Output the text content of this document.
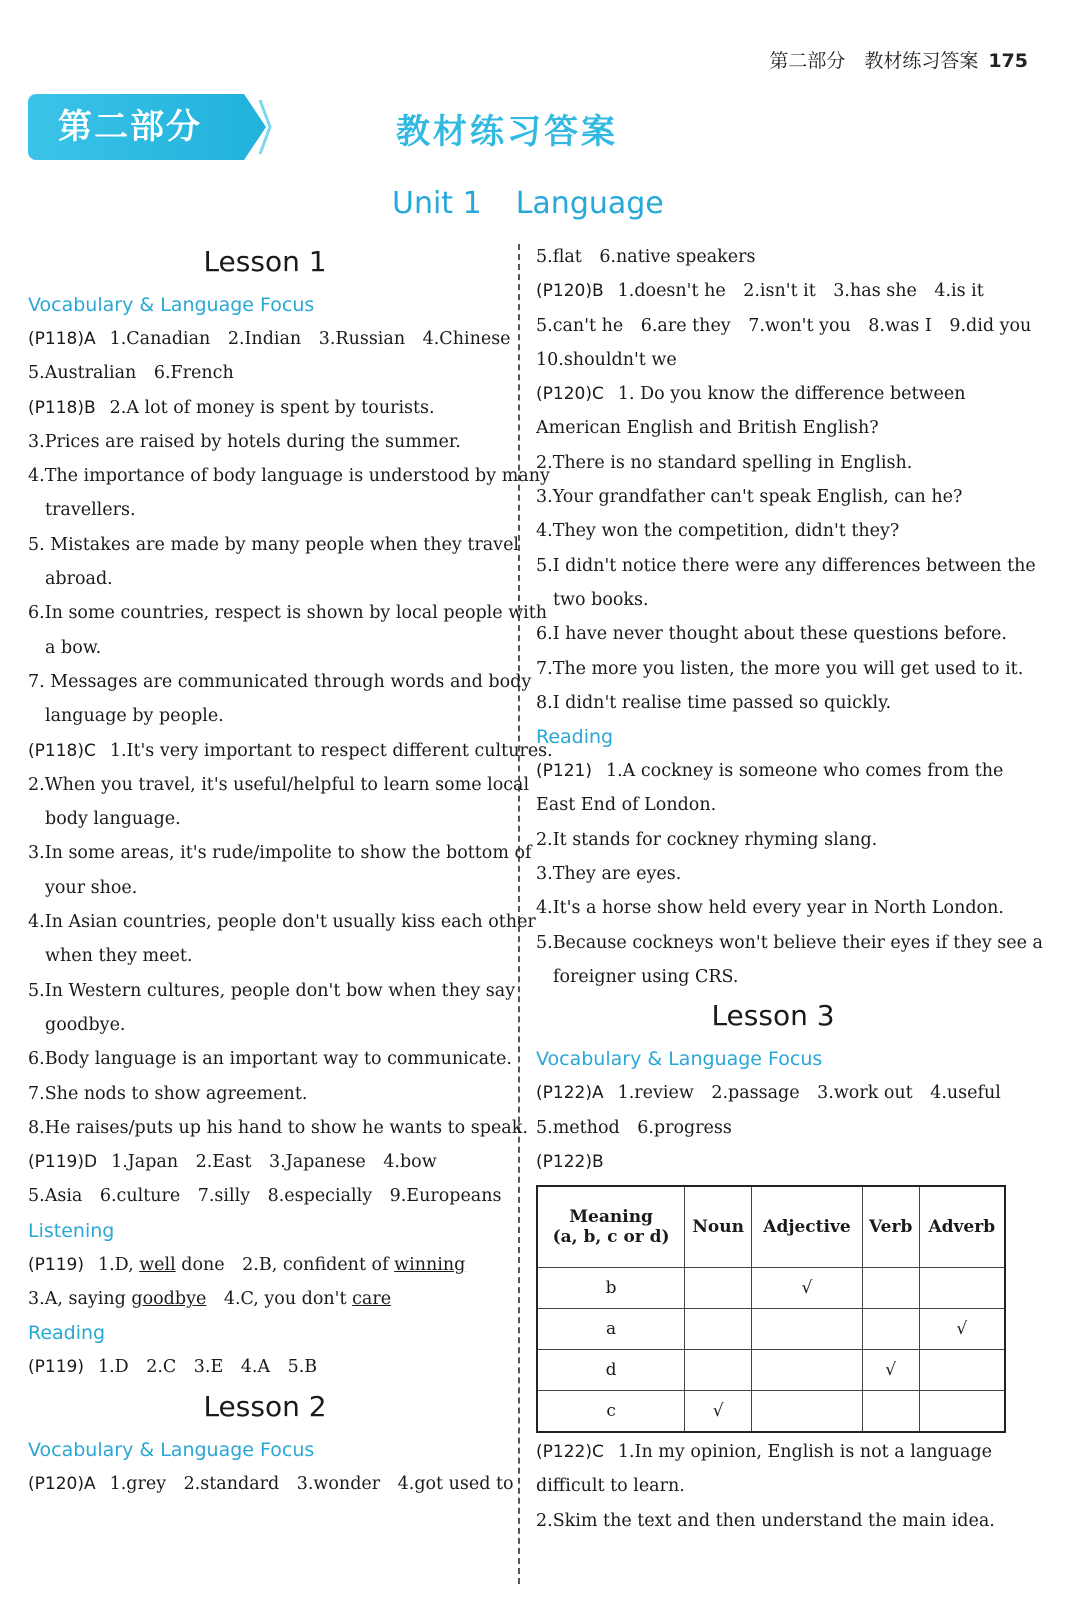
第二部分　教材练习答案 175
第二部分	教材练习答案
Unit 1 Language
Lesson 1
Vocabulary & Language Focus
(P118)A 1.Canadian　2.Indian　3.Russian　4.Chinese
5.Australian　6.French
(P118)B 2.A lot of money is spent by tourists.
3.Prices are raised by hotels during the summer.
4.The importance of body language is understood by many
travellers.
5. Mistakes are made by many people when they travel
abroad.
6.In some countries, respect is shown by local people with
a bow.
7. Messages are communicated through words and body
language by people.
(P118)C 1.It's very important to respect different cultures.
2.When you travel, it's useful/helpful to learn some local
body language.
3.In some areas, it's rude/impolite to show the bottom of
your shoe.
4.In Asian countries, people don't usually kiss each other
when they meet.
5.In Western cultures, people don't bow when they say
goodbye.
6.Body language is an important way to communicate.
7.She nods to show agreement.
8.He raises/puts up his hand to show he wants to speak.
(P119)D 1.Japan　2.East　3.Japanese　4.bow
5.Asia　6.culture　7.silly　8.especially　9.Europeans
Listening
(P119) 1.D, well done　2.B, confident of winning
3.A, saying goodbye　4.C, you don't care
Reading
(P119) 1.D　2.C　3.E　4.A　5.B
Lesson 2
Vocabulary & Language Focus
(P120)A 1.grey　2.standard　3.wonder　4.got used to
5.flat　6.native speakers
(P120)B 1.doesn't he　2.isn't it　3.has she　4.is it
5.can't he　6.are they　7.won't you　8.was I　9.did you
10.shouldn't we
(P120)C 1. Do you know the difference between
American English and British English?
2.There is no standard spelling in English.
3.Your grandfather can't speak English, can he?
4.They won the competition, didn't they?
5.I didn't notice there were any differences between the
two books.
6.I have never thought about these questions before.
7.The more you listen, the more you will get used to it.
8.I didn't realise time passed so quickly.
Reading
(P121) 1.A cockney is someone who comes from the
East End of London.
2.It stands for cockney rhyming slang.
3.They are eyes.
4.It's a horse show held every year in North London.
5.Because cockneys won't believe their eyes if they see a
foreigner using CRS.
Lesson 3
Vocabulary & Language Focus
(P122)A 1.review　2.passage　3.work out　4.useful
5.method　6.progress
(P122)B
Meaning
(a, b, c or d)	Noun	Adjective	Verb	Adverb
b		√		
a				√
d			√	
c	√			
(P122)C 1.In my opinion, English is not a language
difficult to learn.
2.Skim the text and then understand the main idea.
